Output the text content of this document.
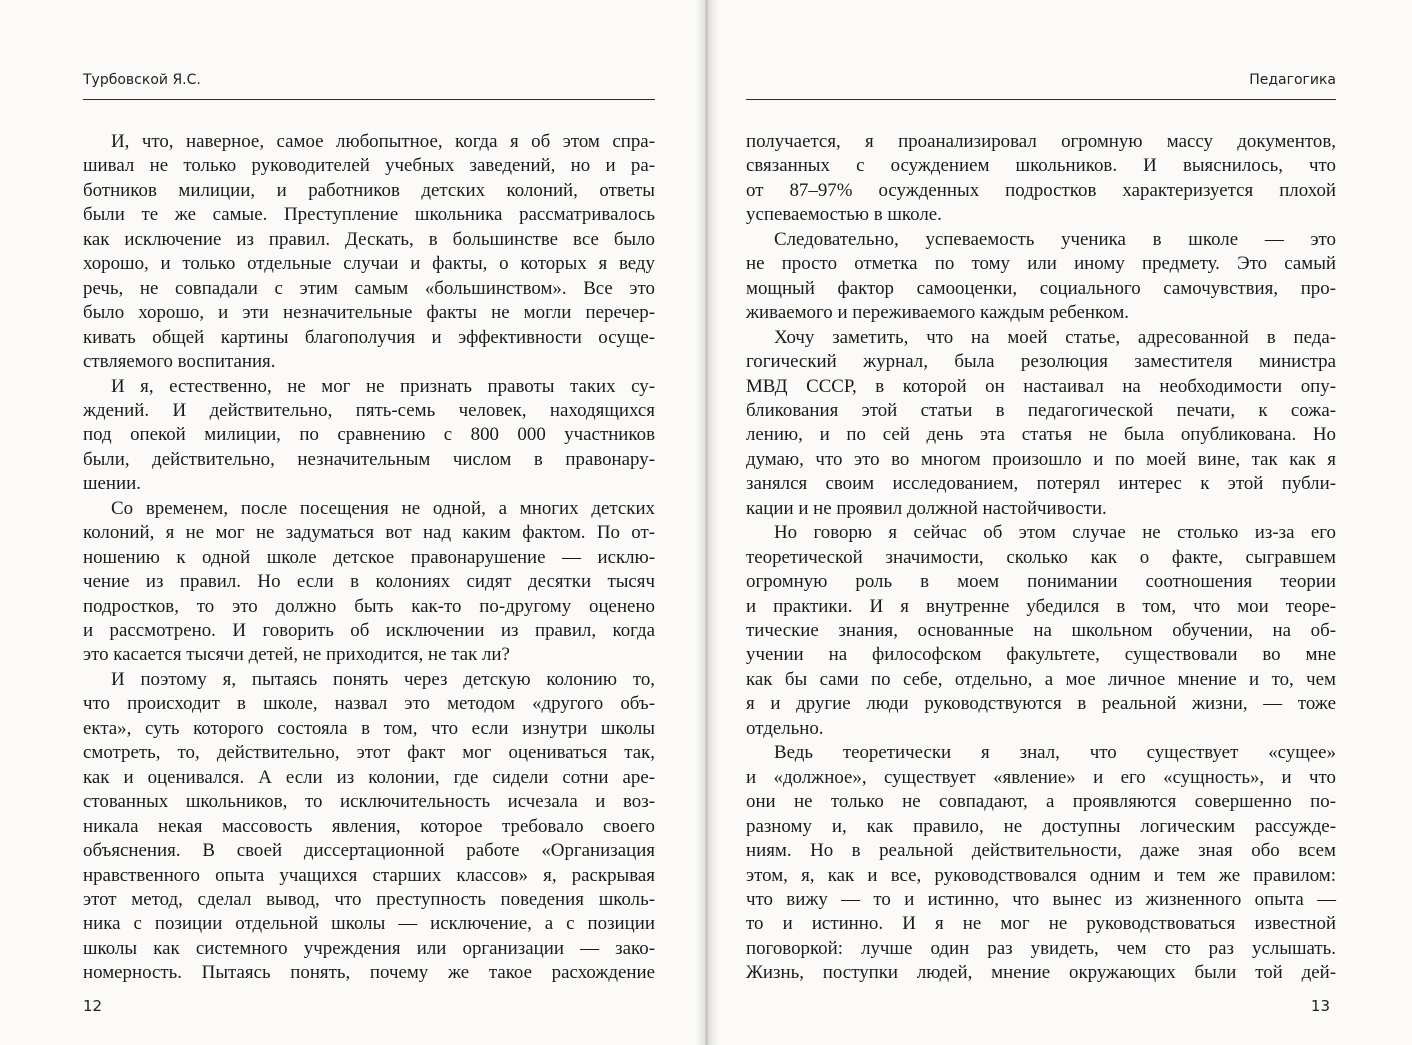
Турбовской Я.С.
И, что, наверное, самое любопытное, когда я об этом спра-
шивал не только руководителей учебных заведений, но и ра-
ботников милиции, и работников детских колоний, ответы
были те же самые. Преступление школьника рассматривалось
как исключение из правил. Дескать, в большинстве все было
хорошо, и только отдельные случаи и факты, о которых я веду
речь, не совпадали с этим самым «большинством». Все это
было хорошо, и эти незначительные факты не могли перечер-
кивать общей картины благополучия и эффективности осуще-
ствляемого воспитания.
И я, естественно, не мог не признать правоты таких су-
ждений. И действительно, пять-семь человек, находящихся
под опекой милиции, по сравнению с 800 000 участников
были, действительно, незначительным числом в правонару-
шении.
Со временем, после посещения не одной, а многих детских
колоний, я не мог не задуматься вот над каким фактом. По от-
ношению к одной школе детское правонарушение — исклю-
чение из правил. Но если в колониях сидят десятки тысяч
подростков, то это должно быть как-то по-другому оценено
и рассмотрено. И говорить об исключении из правил, когда
это касается тысячи детей, не приходится, не так ли?
И поэтому я, пытаясь понять через детскую колонию то,
что происходит в школе, назвал это методом «другого объ-
екта», суть которого состояла в том, что если изнутри школы
смотреть, то, действительно, этот факт мог оцениваться так,
как и оценивался. А если из колонии, где сидели сотни аре-
стованных школьников, то исключительность исчезала и воз-
никала некая массовость явления, которое требовало своего
объяснения. В своей диссертационной работе «Организация
нравственного опыта учащихся старших классов» я, раскрывая
этот метод, сделал вывод, что преступность поведения школь-
ника с позиции отдельной школы — исключение, а с позиции
школы как системного учреждения или организации — зако-
номерность. Пытаясь понять, почему же такое расхождение
12
Педагогика
получается, я проанализировал огромную массу документов,
связанных с осуждением школьников. И выяснилось, что
от 87–97% осужденных подростков характеризуется плохой
успеваемостью в школе.
Следовательно, успеваемость ученика в школе — это
не просто отметка по тому или иному предмету. Это самый
мощный фактор самооценки, социального самочувствия, про-
живаемого и переживаемого каждым ребенком.
Хочу заметить, что на моей статье, адресованной в педа-
гогический журнал, была резолюция заместителя министра
МВД СССР, в которой он настаивал на необходимости опу-
бликования этой статьи в педагогической печати, к сожа-
лению, и по сей день эта статья не была опубликована. Но
думаю, что это во многом произошло и по моей вине, так как я
занялся своим исследованием, потерял интерес к этой публи-
кации и не проявил должной настойчивости.
Но говорю я сейчас об этом случае не столько из-за его
теоретической значимости, сколько как о факте, сыгравшем
огромную роль в моем понимании соотношения теории
и практики. И я внутренне убедился в том, что мои теоре-
тические знания, основанные на школьном обучении, на об-
учении на философском факультете, существовали во мне
как бы сами по себе, отдельно, а мое личное мнение и то, чем
я и другие люди руководствуются в реальной жизни, — тоже
отдельно.
Ведь теоретически я знал, что существует «сущее»
и «должное», существует «явление» и его «сущность», и что
они не только не совпадают, а проявляются совершенно по-
разному и, как правило, не доступны логическим рассужде-
ниям. Но в реальной действительности, даже зная обо всем
этом, я, как и все, руководствовался одним и тем же правилом:
что вижу — то и истинно, что вынес из жизненного опыта —
то и истинно. И я не мог не руководствоваться известной
поговоркой: лучше один раз увидеть, чем сто раз услышать.
Жизнь, поступки людей, мнение окружающих были той дей-
13
